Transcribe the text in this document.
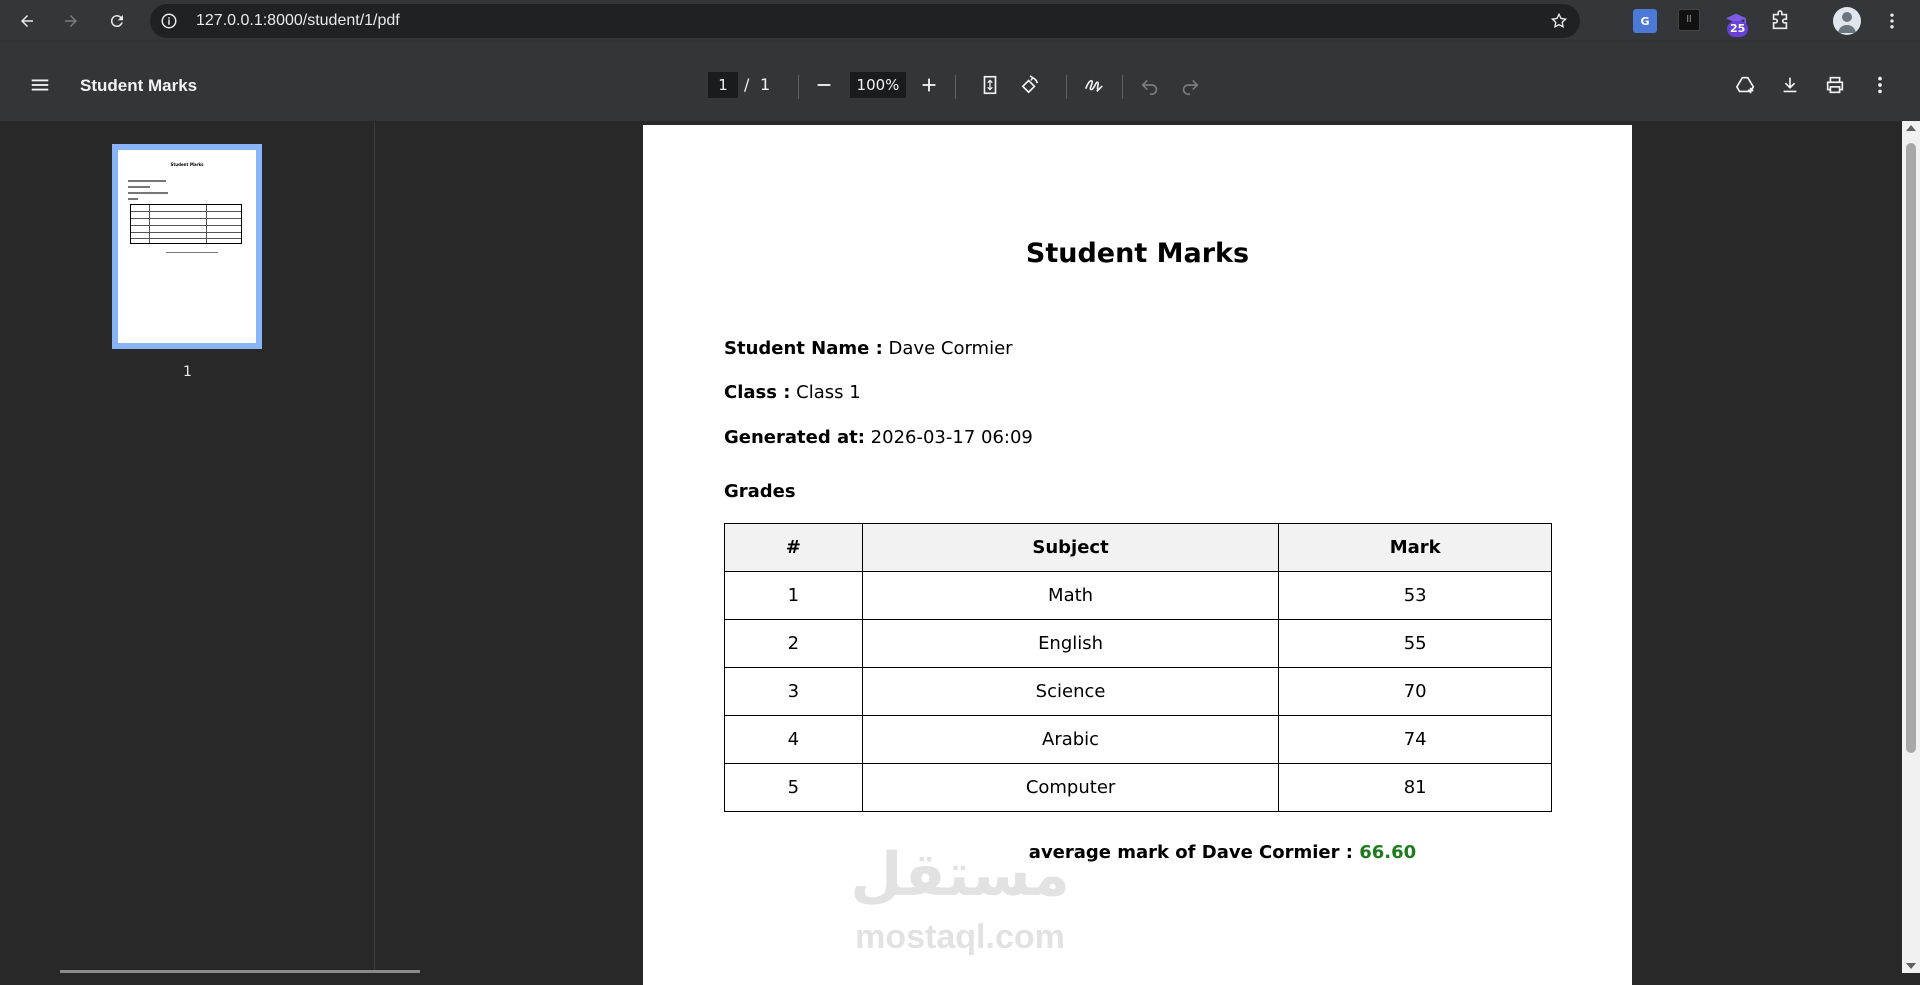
127.0.0.1:8000/student/1/pdf	G	ll
25
Student Marks	1	/ 1	100%
Student Marks
1
Student Marks
Student Name : Dave Cormier
Class : Class 1
Generated at: 2026-03-17 06:09
Grades
#	Subject	Mark
1	Math	53
2	English	55
3	Science	70
4	Arabic	74
5	Computer	81
average mark of Dave Cormier : 66.60
مستقل
mostaql.com
